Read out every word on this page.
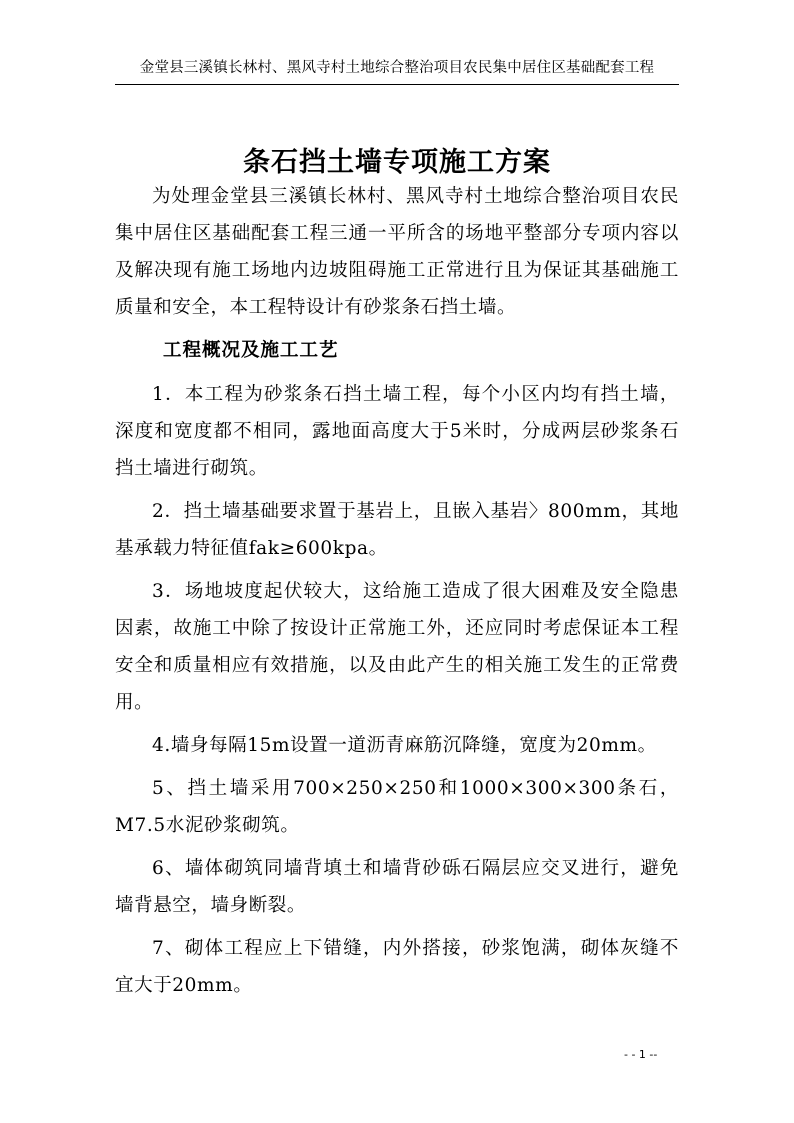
金堂县三溪镇长林村、黑风寺村土地综合整治项目农民集中居住区基础配套工程
条石挡土墙专项施工方案

为处理金堂县三溪镇长林村、黑风寺村土地综合整治项目农民集中居住区基础配套工程三通一平所含的场地平整部分专项内容以及解决现有施工场地内边坡阻碍施工正常进行且为保证其基础施工质量和安全，本工程特设计有砂浆条石挡土墙。

工程概况及施工工艺

1．本工程为砂浆条石挡土墙工程，每个小区内均有挡土墙，深度和宽度都不相同，露地面高度大于5米时，分成两层砂浆条石挡土墙进行砌筑。

2．挡土墙基础要求置于基岩上，且嵌入基岩〉800mm，其地基承载力特征值fak≥600kpa。

3．场地坡度起伏较大，这给施工造成了很大困难及安全隐患因素，故施工中除了按设计正常施工外，还应同时考虑保证本工程安全和质量相应有效措施，以及由此产生的相关施工发生的正常费用。

4.墙身每隔15m设置一道沥青麻筋沉降缝，宽度为20mm。

5、挡土墙采用700×250×250和1000×300×300条石，M7.5水泥砂浆砌筑。

6、墙体砌筑同墙背填土和墙背砂砾石隔层应交叉进行，避免墙背悬空，墙身断裂。

7、砌体工程应上下错缝，内外搭接，砂浆饱满，砌体灰缝不宜大于20mm。

- - 1 --
